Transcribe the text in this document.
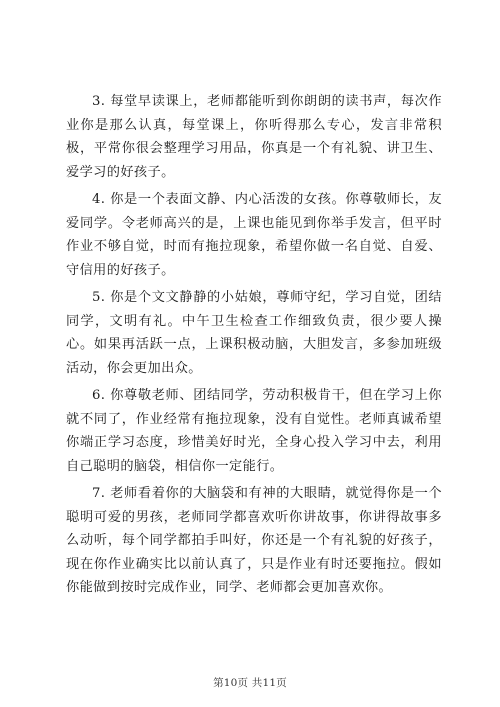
3. 每堂早读课上，老师都能听到你朗朗的读书声，每次作业你是那么认真，每堂课上，你听得那么专心，发言非常积极，平常你很会整理学习用品，你真是一个有礼貌、讲卫生、爱学习的好孩子。

4. 你是一个表面文静、内心活泼的女孩。你尊敬师长，友爱同学。令老师高兴的是，上课也能见到你举手发言，但平时作业不够自觉，时而有拖拉现象，希望你做一名自觉、自爱、守信用的好孩子。

5. 你是个文文静静的小姑娘，尊师守纪，学习自觉，团结同学，文明有礼。中午卫生检查工作细致负责，很少要人操心。如果再活跃一点，上课积极动脑，大胆发言，多参加班级活动，你会更加出众。

6. 你尊敬老师、团结同学，劳动积极肯干，但在学习上你就不同了，作业经常有拖拉现象，没有自觉性。老师真诚希望你端正学习态度，珍惜美好时光，全身心投入学习中去，利用自己聪明的脑袋，相信你一定能行。

7. 老师看着你的大脑袋和有神的大眼睛，就觉得你是一个聪明可爱的男孩，老师同学都喜欢听你讲故事，你讲得故事多么动听，每个同学都拍手叫好，你还是一个有礼貌的好孩子，现在你作业确实比以前认真了，只是作业有时还要拖拉。假如你能做到按时完成作业，同学、老师都会更加喜欢你。

第10页 共11页
